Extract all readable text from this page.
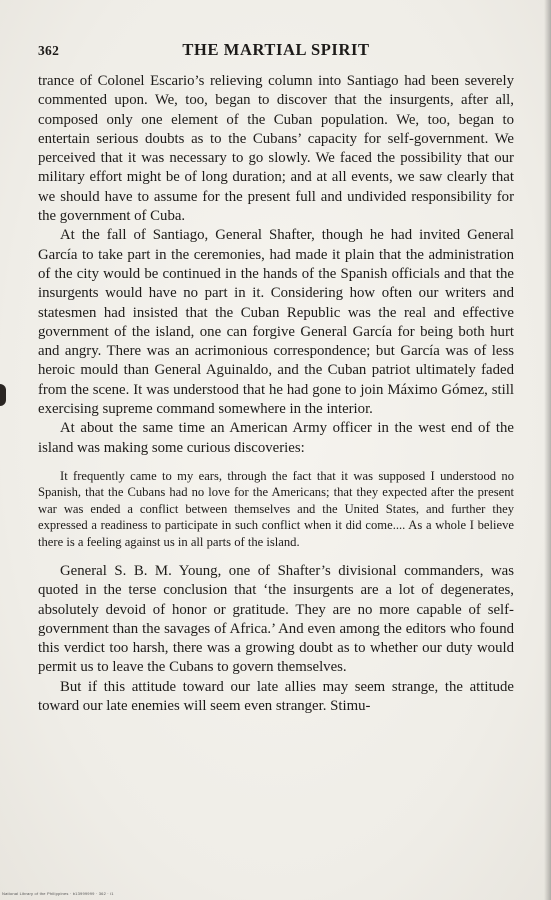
362	THE MARTIAL SPIRIT

trance of Colonel Escario’s relieving column into Santiago had been severely commented upon. We, too, began to discover that the insurgents, after all, composed only one element of the Cuban population. We, too, began to entertain serious doubts as to the Cubans’ capacity for self-government. We perceived that it was necessary to go slowly. We faced the possibility that our military effort might be of long duration; and at all events, we saw clearly that we should have to assume for the present full and undivided responsibility for the government of Cuba.

At the fall of Santiago, General Shafter, though he had invited General García to take part in the ceremonies, had made it plain that the administration of the city would be continued in the hands of the Spanish officials and that the insurgents would have no part in it. Considering how often our writers and statesmen had insisted that the Cuban Republic was the real and effective government of the island, one can forgive General García for being both hurt and angry. There was an acrimonious correspondence; but García was of less heroic mould than General Aguinaldo, and the Cuban patriot ultimately faded from the scene. It was understood that he had gone to join Máximo Gómez, still exercising supreme command somewhere in the interior.

At about the same time an American Army officer in the west end of the island was making some curious discoveries:

It frequently came to my ears, through the fact that it was supposed I understood no Spanish, that the Cubans had no love for the Americans; that they expected after the present war was ended a conflict between themselves and the United States, and further they expressed a readiness to participate in such conflict when it did come.... As a whole I believe there is a feeling against us in all parts of the island.

General S. B. M. Young, one of Shafter’s divisional commanders, was quoted in the terse conclusion that ‘the insurgents are a lot of degenerates, absolutely devoid of honor or gratitude. They are no more capable of self-government than the savages of Africa.’ And even among the editors who found this verdict too harsh, there was a growing doubt as to whether our duty would permit us to leave the Cubans to govern themselves.

But if this attitude toward our late allies may seem strange, the attitude toward our late enemies will seem even stranger. Stimu-

National Library of the Philippines · b13999999 · 362 · i1
